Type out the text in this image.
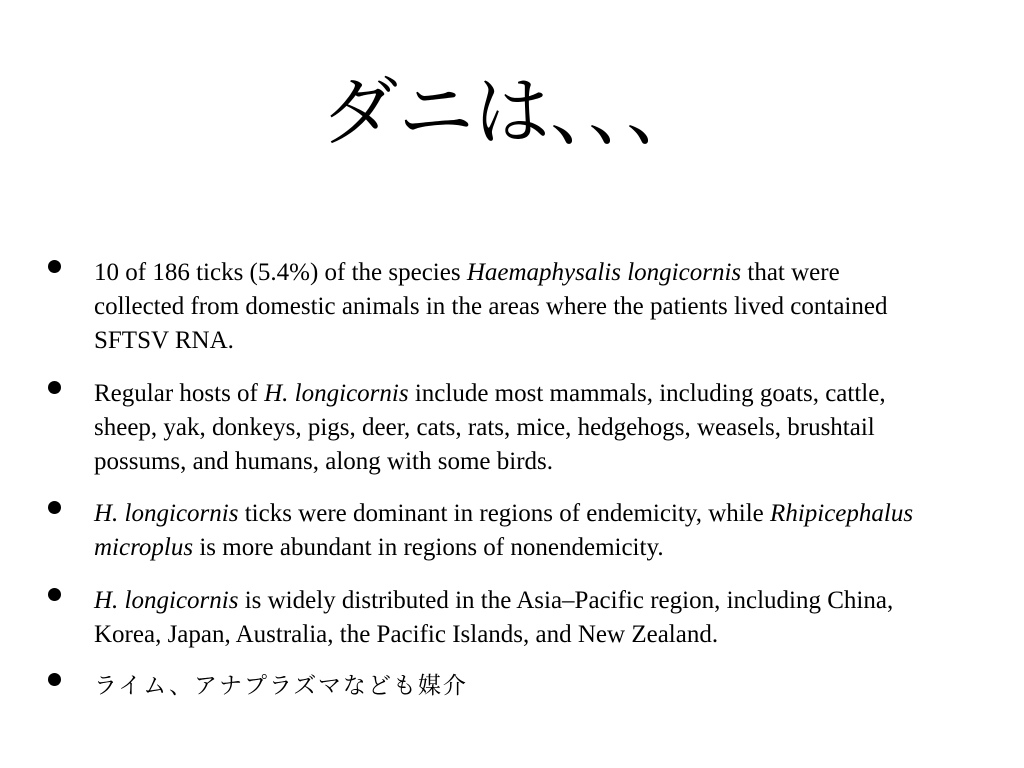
ダニは、、、

10 of 186 ticks (5.4%) of the species Haemaphysalis longicornis that were collected from domestic animals in the areas where the patients lived contained SFTSV RNA.

Regular hosts of H. longicornis include most mammals, including goats, cattle, sheep, yak, donkeys, pigs, deer, cats, rats, mice, hedgehogs, weasels, brushtail possums, and humans, along with some birds.

H. longicornis ticks were dominant in regions of endemicity, while Rhipicephalus microplus is more abundant in regions of nonendemicity.

H. longicornis is widely distributed in the Asia–Pacific region, including China, Korea, Japan, Australia, the Pacific Islands, and New Zealand.

ライム、アナプラズマなども媒介
